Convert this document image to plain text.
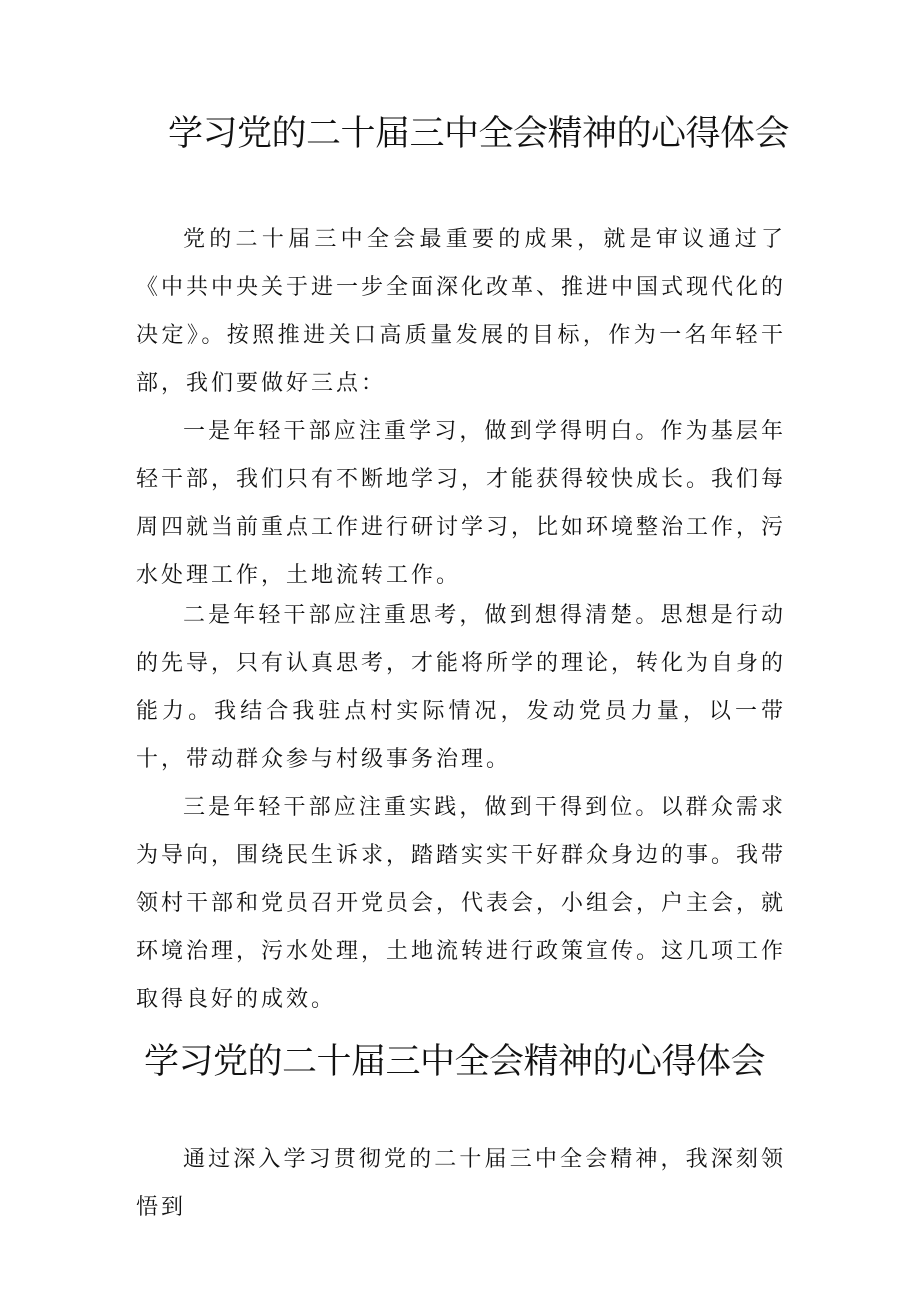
学习党的二十届三中全会精神的心得体会

党的二十届三中全会最重要的成果，就是审议通过了《中共中央关于进一步全面深化改革、推进中国式现代化的决定》。按照推进关口高质量发展的目标，作为一名年轻干部，我们要做好三点：

一是年轻干部应注重学习，做到学得明白。作为基层年轻干部，我们只有不断地学习，才能获得较快成长。我们每周四就当前重点工作进行研讨学习，比如环境整治工作，污水处理工作，土地流转工作。

二是年轻干部应注重思考，做到想得清楚。思想是行动的先导，只有认真思考，才能将所学的理论，转化为自身的能力。我结合我驻点村实际情况，发动党员力量，以一带十，带动群众参与村级事务治理。

三是年轻干部应注重实践，做到干得到位。以群众需求为导向，围绕民生诉求，踏踏实实干好群众身边的事。我带领村干部和党员召开党员会，代表会，小组会，户主会，就环境治理，污水处理，土地流转进行政策宣传。这几项工作取得良好的成效。

学习党的二十届三中全会精神的心得体会

通过深入学习贯彻党的二十届三中全会精神，我深刻领悟到
